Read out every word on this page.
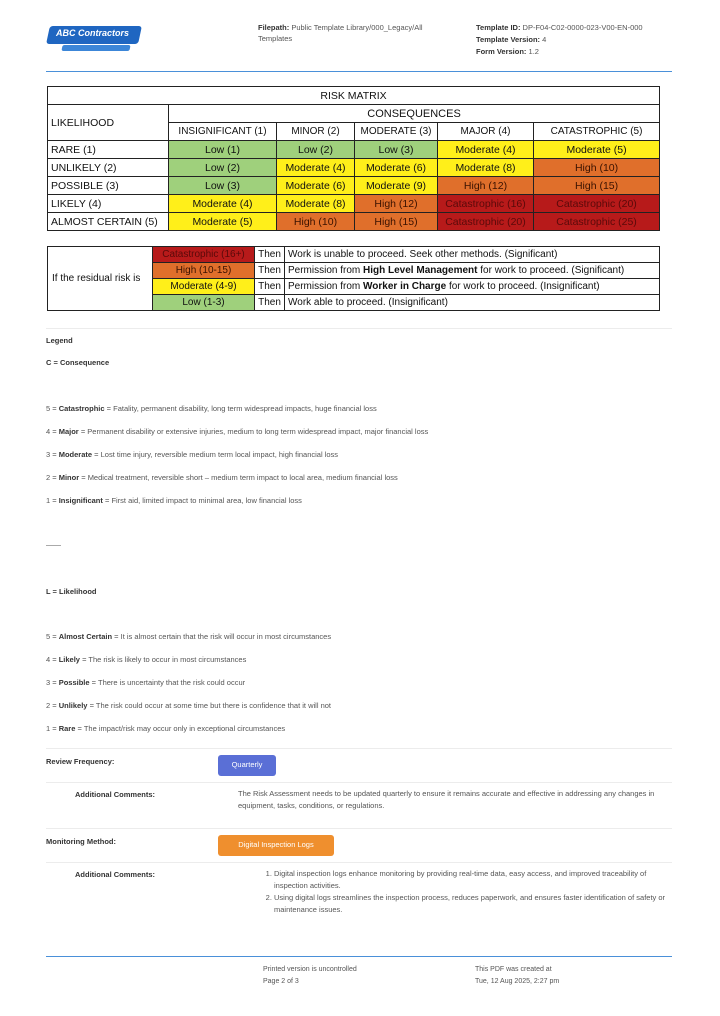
ABC Contractors
Filepath: Public Template Library/000_Legacy/All Templates
Template ID: DP-F04-C02-0000-023-V00-EN-000
Template Version: 4
Form Version: 1.2
RISK MATRIX					
LIKELIHOOD	CONSEQUENCES				
	INSIGNIFICANT (1)	MINOR (2)	MODERATE (3)	MAJOR (4)	CATASTROPHIC (5)
RARE (1)	Low (1)	Low (2)	Low (3)	Moderate (4)	Moderate (5)
UNLIKELY (2)	Low (2)	Moderate (4)	Moderate (6)	Moderate (8)	High (10)
POSSIBLE (3)	Low (3)	Moderate (6)	Moderate (9)	High (12)	High (15)
LIKELY (4)	Moderate (4)	Moderate (8)	High (12)	Catastrophic (16)	Catastrophic (20)
ALMOST CERTAIN (5)	Moderate (5)	High (10)	High (15)	Catastrophic (20)	Catastrophic (25)
If the residual risk is	Catastrophic (16+)	Then	Work is unable to proceed. Seek other methods. (Significant)
	High (10-15)	Then	Permission from High Level Management for work to proceed. (Significant)
	Moderate (4-9)	Then	Permission from Worker in Charge for work to proceed. (Insignificant)
	Low (1-3)	Then	Work able to proceed. (Insignificant)
Legend
C = Consequence
5 = Catastrophic = Fatality, permanent disability, long term widespread impacts, huge financial loss
4 = Major = Permanent disability or extensive injuries, medium to long term widespread impact, major financial loss
3 = Moderate = Lost time injury, reversible medium term local impact, high financial loss
2 = Minor = Medical treatment, reversible short – medium term impact to local area, medium financial loss
1 = Insignificant = First aid, limited impact to minimal area, low financial loss
——
L = Likelihood
5 = Almost Certain = It is almost certain that the risk will occur in most circumstances
4 = Likely = The risk is likely to occur in most circumstances
3 = Possible = There is uncertainty that the risk could occur
2 = Unlikely = The risk could occur at some time but there is confidence that it will not
1 = Rare = The impact/risk may occur only in exceptional circumstances
Review Frequency:	Quarterly
Additional Comments:	The Risk Assessment needs to be updated quarterly to ensure it remains accurate and effective in addressing any changes in equipment, tasks, conditions, or regulations.
Monitoring Method:	Digital Inspection Logs
Additional Comments:	1. Digital inspection logs enhance monitoring by providing real-time data, easy access, and improved traceability of inspection activities.
2. Using digital logs streamlines the inspection process, reduces paperwork, and ensures faster identification of safety or maintenance issues.
Printed version is uncontrolled
Page 2 of 3
This PDF was created at
Tue, 12 Aug 2025, 2:27 pm
